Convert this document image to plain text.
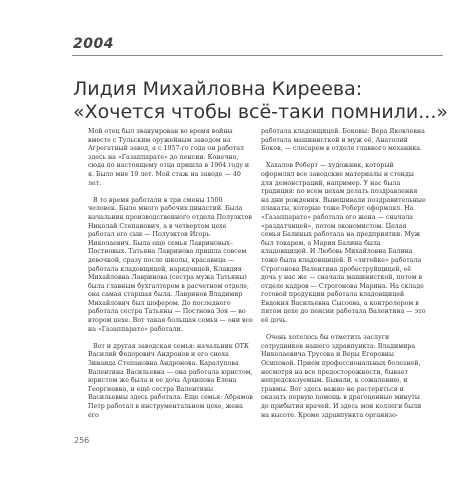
2004
Лидия Михайловна Киреева:
«Хочется чтобы всё-таки помнили...»

Мой отец был эвакуирован во время войны вместе с Тульским оружейным заводом на Агрегатный завод, а с 1957-го года он работал здесь на «Газаппарате» до пенсии. Конечно, сюда по настоящему отца пришла в 1964 году и я. Было мне 19 лет. Мой стаж на заводе — 40 лет.

В то время работали в три смены 1500 человек. Было много рабочих династий. Была начальник производственного отдела Полуэктов Николай Степанович, а в четвертом цехе работал его сын — Полуэктов Игорь Николаевич. Была еще семья Лавриновых–Постновых. Татьяна Лавринова пришла совсем девочкой, сразу после школы, красавица — работала кладовщицей, нарядчицей, Клавдия Михайловна Лавринова (сестра мужа Татьяны) была главным бухгалтером в расчетном отделе, она самая старшая была. Лавринов Владимир Михайлович был шофером. До последнего работала сестра Татьяны — Постнова Зоя — во втором цехе. Вот такая большая семья — они все на «Газаппарате» работали.

Вот и другая заводская семья: начальник ОТК Василий Федорович Андронов и его сноха Зинаида Степановна Андронова. Каралупова Валентина Васильевна — она работала юристом, юристом же была и ее дочь Архипова Елена Георгиевна, и ещё сестра Валентины Васильевны здесь работала. Еще семья: Абрамов Петр работал в инструментальном цехе, жена его

работала кладовщицей. Боковы: Вера Яковлевна работала машинисткой и муж её, Анатолий Боков, — слесарем в отделе главного механика.

Хахалов Роберт — художник, который оформлял все заводские материалы и стенды для демонстраций, например. У нас была традиция: по всем цехам делать поздравления на дни рождения. Вывешивали поздравительные плакаты, которые тоже Роберт оформлял. На «Газаппарате» работала его жена — сначала «раздатчицей», потом экономистом. Целая семья Балиных работала на предприятии. Муж был токарем, а Мария Балина была кладовщицей. И Любовь Михайловна Балина тоже была кладовщицей. В «литейке» работала Строгонова Валентина дробеструйщицей, её дочь у нас же — сначала машинисткой, потом в отделе кадров — Строгонова Марина. На складе готовой продукции работала кладовщицей Евдокия Васильевна Сысоева, а контролером в пятом цехе до пенсии работала Валентина — это её дочь.

Очень хотелось бы отметить заслуги сотрудников нашего здравпункта: Владимира Николаевича Трусова и Веры Егоровны Осиповой. Прием профессиональных болезней, несмотря на все предосторожности, бывает непредсказуемым. Бывали, к сожалению, и травмы. Вот здесь важно не растеряться и оказать первую помощь в драгоценные минуты до прибытия врачей. И здесь мои коллеги были на высоте. Кроме здравпункта организо-

256
